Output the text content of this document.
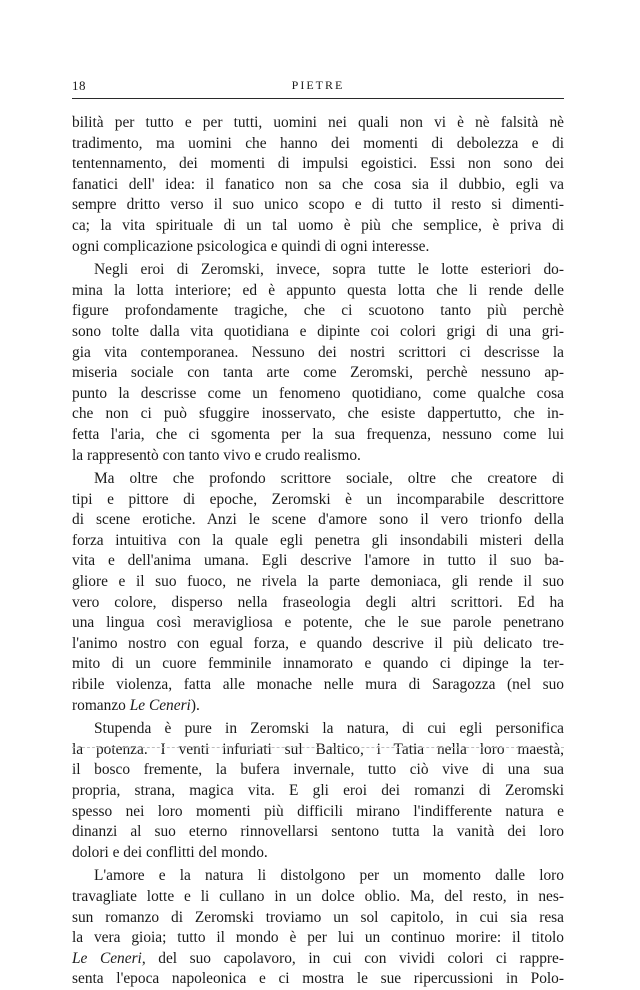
18	PIETRE
bilità per tutto e per tutti, uomini nei quali non vi è nè falsità nè
tradimento, ma uomini che hanno dei momenti di debolezza e di
tentennamento, dei momenti di impulsi egoistici. Essi non sono dei
fanatici dell' idea: il fanatico non sa che cosa sia il dubbio, egli va
sempre dritto verso il suo unico scopo e di tutto il resto si dimenti-
ca; la vita spirituale di un tal uomo è più che semplice, è priva di
ogni complicazione psicologica e quindi di ogni interesse.
Negli eroi di Zeromski, invece, sopra tutte le lotte esteriori do-
mina la lotta interiore; ed è appunto questa lotta che li rende delle
figure profondamente tragiche, che ci scuotono tanto più perchè
sono tolte dalla vita quotidiana e dipinte coi colori grigi di una gri-
gia vita contemporanea. Nessuno dei nostri scrittori ci descrisse la
miseria sociale con tanta arte come Zeromski, perchè nessuno ap-
punto la descrisse come un fenomeno quotidiano, come qualche cosa
che non ci può sfuggire inosservato, che esiste dappertutto, che in-
fetta l'aria, che ci sgomenta per la sua frequenza, nessuno come lui
la rappresentò con tanto vivo e crudo realismo.
Ma oltre che profondo scrittore sociale, oltre che creatore di
tipi e pittore di epoche, Zeromski è un incomparabile descrittore
di scene erotiche. Anzi le scene d'amore sono il vero trionfo della
forza intuitiva con la quale egli penetra gli insondabili misteri della
vita e dell'anima umana. Egli descrive l'amore in tutto il suo ba-
gliore e il suo fuoco, ne rivela la parte demoniaca, gli rende il suo
vero colore, disperso nella fraseologia degli altri scrittori. Ed ha
una lingua così meravigliosa e potente, che le sue parole penetrano
l'animo nostro con egual forza, e quando descrive il più delicato tre-
mito di un cuore femminile innamorato e quando ci dipinge la ter-
ribile violenza, fatta alle monache nelle mura di Saragozza (nel suo
romanzo Le Ceneri).
Stupenda è pure in Zeromski la natura, di cui egli personifica
la potenza. I venti infuriati sul Baltico, i Tatia nella loro maestà,
il bosco fremente, la bufera invernale, tutto ciò vive di una sua
propria, strana, magica vita. E gli eroi dei romanzi di Zeromski
spesso nei loro momenti più difficili mirano l'indifferente natura e
dinanzi al suo eterno rinnovellarsi sentono tutta la vanità dei loro
dolori e dei conflitti del mondo.
L'amore e la natura li distolgono per un momento dalle loro
travagliate lotte e li cullano in un dolce oblio. Ma, del resto, in nes-
sun romanzo di Zeromski troviamo un sol capitolo, in cui sia resa
la vera gioia; tutto il mondo è per lui un continuo morire: il titolo
Le Ceneri, del suo capolavoro, in cui con vividi colori ci rappre-
senta l'epoca napoleonica e ci mostra le sue ripercussioni in Polo-
